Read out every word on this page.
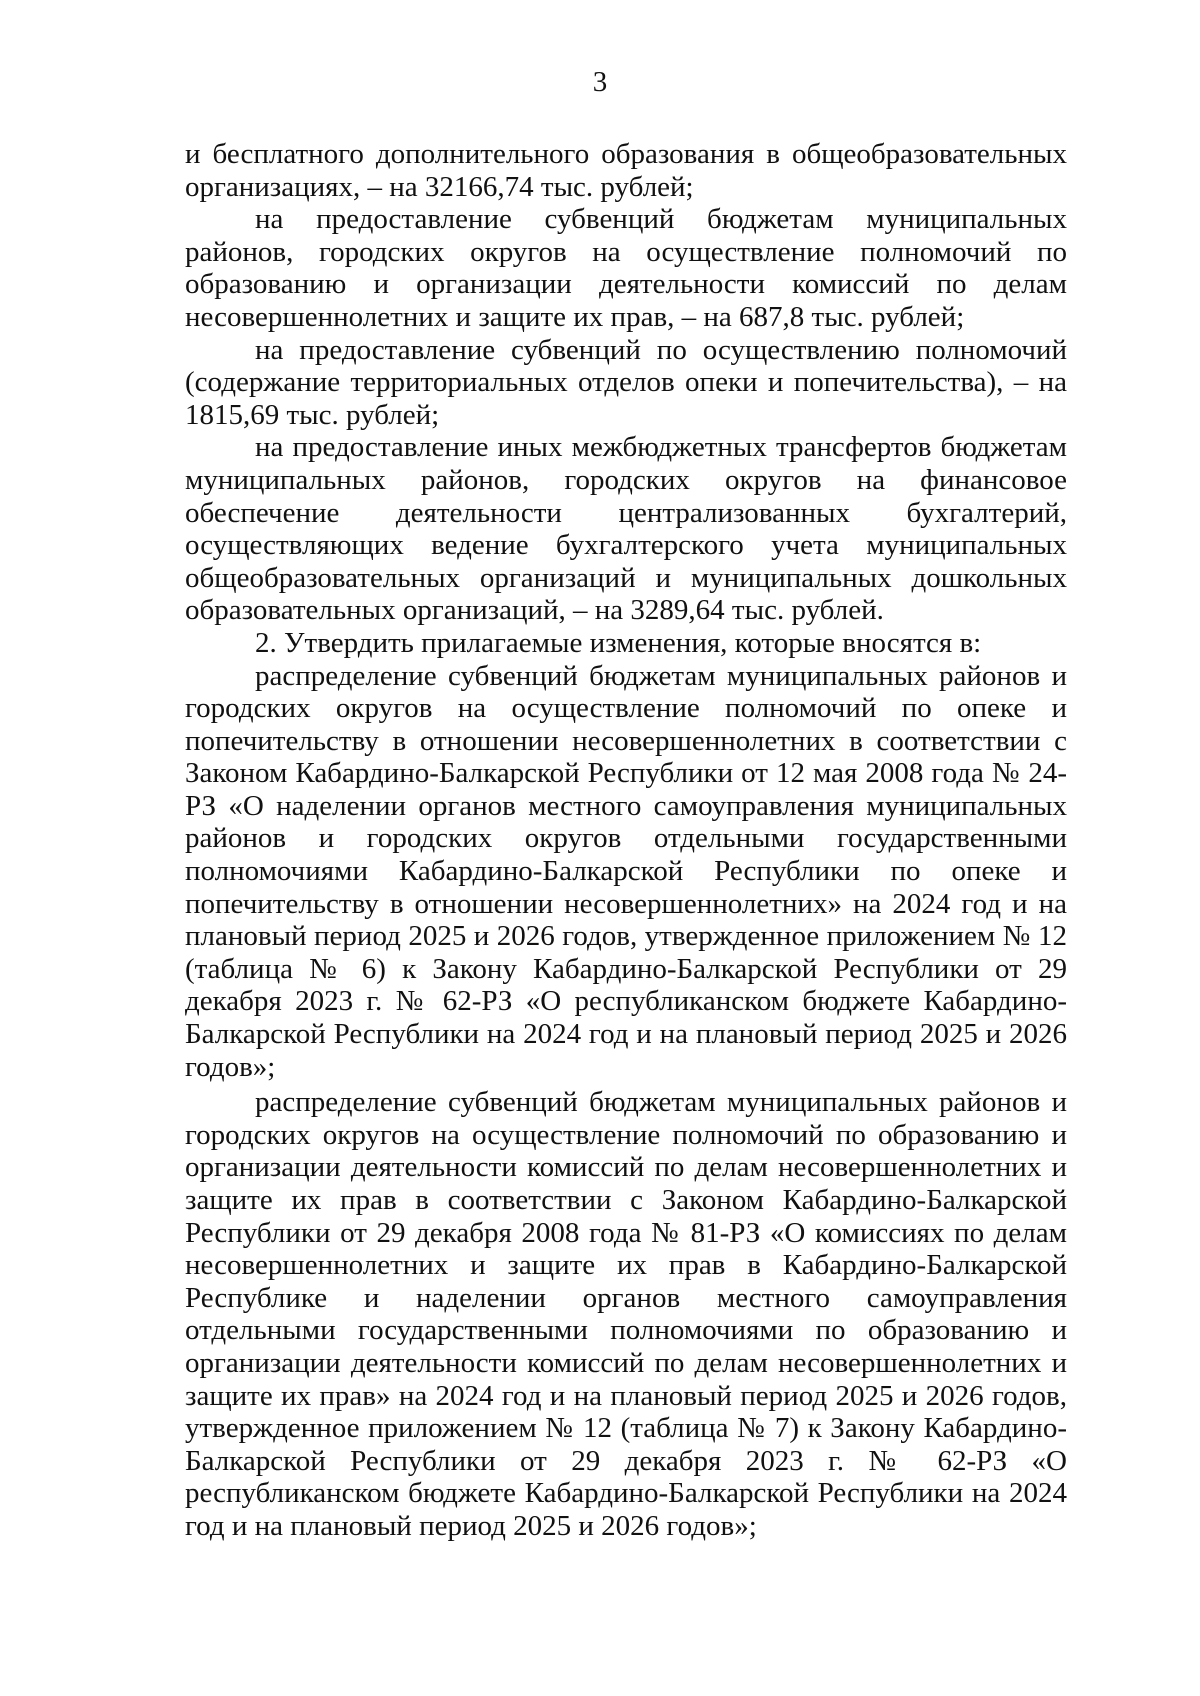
3

и бесплатного дополнительного образования в общеобразовательных организациях, – на 32166,74 тыс. рублей;

на предоставление субвенций бюджетам муниципальных районов, городских округов на осуществление полномочий по образованию и организации деятельности комиссий по делам несовершеннолетних и защите их прав, – на 687,8 тыс. рублей;

на предоставление субвенций по осуществлению полномочий (содержание территориальных отделов опеки и попечительства), – на 1815,69 тыс. рублей;

на предоставление иных межбюджетных трансфертов бюджетам муниципальных районов, городских округов на финансовое обеспечение деятельности централизованных бухгалтерий, осуществляющих ведение бухгалтерского учета муниципальных общеобразовательных организаций и муниципальных дошкольных образовательных организаций, – на 3289,64 тыс. рублей.

2. Утвердить прилагаемые изменения, которые вносятся в:

распределение субвенций бюджетам муниципальных районов и городских округов на осуществление полномочий по опеке и попечительству в отношении несовершеннолетних в соответствии с Законом Кабардино-Балкарской Республики от 12 мая 2008 года № 24-РЗ «О наделении органов местного самоуправления муниципальных районов и городских округов отдельными государственными полномочиями Кабардино-Балкарской Республики по опеке и попечительству в отношении несовершеннолетних» на 2024 год и на плановый период 2025 и 2026 годов, утвержденное приложением № 12 (таблица № 6) к Закону Кабардино-Балкарской Республики от 29 декабря 2023 г. № 62-РЗ «О республиканском бюджете Кабардино-Балкарской Республики на 2024 год и на плановый период 2025 и 2026 годов»;

распределение субвенций бюджетам муниципальных районов и городских округов на осуществление полномочий по образованию и организации деятельности комиссий по делам несовершеннолетних и защите их прав в соответствии с Законом Кабардино-Балкарской Республики от 29 декабря 2008 года № 81-РЗ «О комиссиях по делам несовершеннолетних и защите их прав в Кабардино-Балкарской Республике и наделении органов местного самоуправления отдельными государственными полномочиями по образованию и организации деятельности комиссий по делам несовершеннолетних и защите их прав» на 2024 год и на плановый период 2025 и 2026 годов, утвержденное приложением № 12 (таблица № 7) к Закону Кабардино-Балкарской Республики от 29 декабря 2023 г. № 62-РЗ «О республиканском бюджете Кабардино-Балкарской Республики на 2024 год и на плановый период 2025 и 2026 годов»;
